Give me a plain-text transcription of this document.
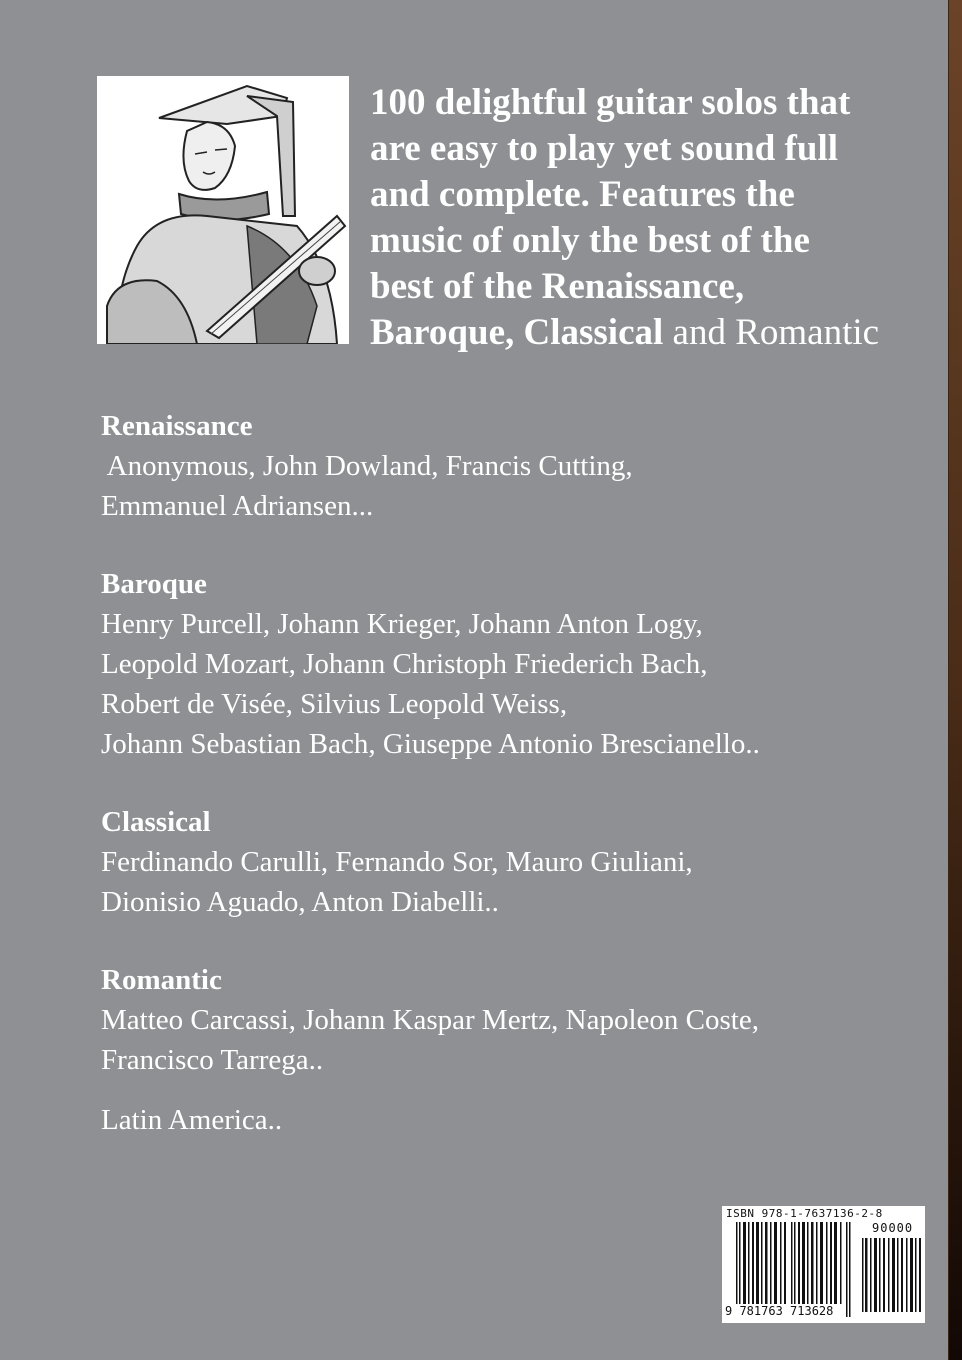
100 delightful guitar solos that
are easy to play yet sound full
and complete. Features the
music of only the best of the
best of the Renaissance,
Baroque, Classical and Romantic
Renaissance
Anonymous, John Dowland, Francis Cutting,
Emmanuel Adriansen...
Baroque
Henry Purcell, Johann Krieger, Johann Anton Logy,
Leopold Mozart, Johann Christoph Friederich Bach,
Robert de Visée, Silvius Leopold Weiss,
Johann Sebastian Bach, Giuseppe Antonio Brescianello..
Classical
Ferdinando Carulli, Fernando Sor, Mauro Giuliani,
Dionisio Aguado, Anton Diabelli..
Romantic
Matteo Carcassi, Johann Kaspar Mertz, Napoleon Coste,
Francisco Tarrega..
Latin America..
ISBN 978-1-7637136-2-8
90000
9 781763 713628
